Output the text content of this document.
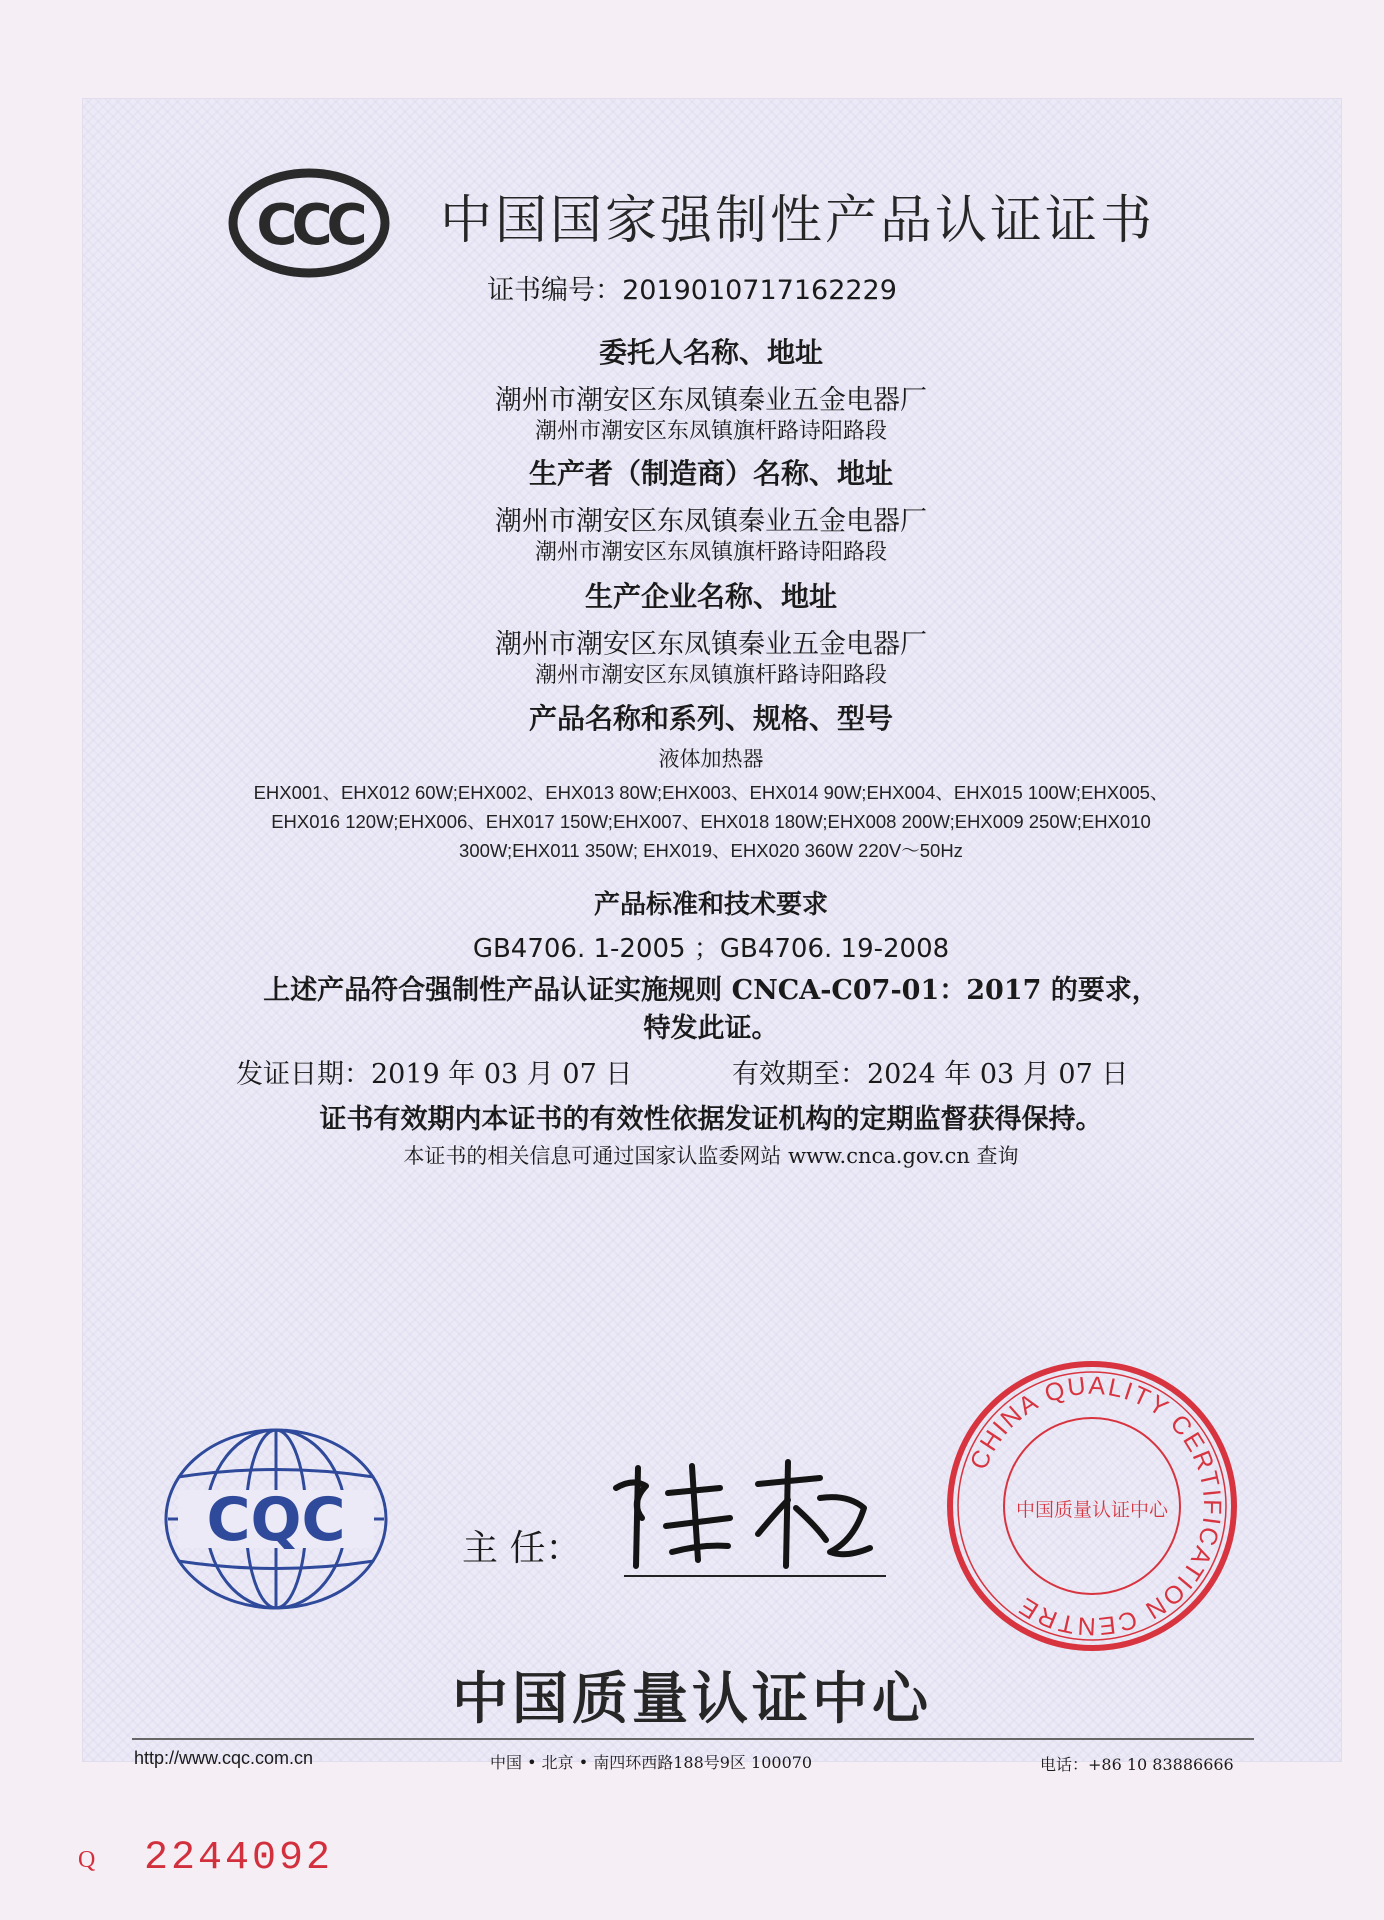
CCC 中国国家强制性产品认证证书
证书编号：2019010717162229
委托人名称、地址
潮州市潮安区东凤镇秦业五金电器厂
潮州市潮安区东凤镇旗杆路诗阳路段
生产者（制造商）名称、地址
潮州市潮安区东凤镇秦业五金电器厂
潮州市潮安区东凤镇旗杆路诗阳路段
生产企业名称、地址
潮州市潮安区东凤镇秦业五金电器厂
潮州市潮安区东凤镇旗杆路诗阳路段
产品名称和系列、规格、型号
液体加热器
EHX001、EHX012 60W;EHX002、EHX013 80W;EHX003、EHX014 90W;EHX004、EHX015 100W;EHX005、
EHX016 120W;EHX006、EHX017 150W;EHX007、EHX018 180W;EHX008 200W;EHX009 250W;EHX010
300W;EHX011 350W; EHX019、EHX020 360W 220V～50Hz
产品标准和技术要求
GB4706. 1-2005 ；GB4706. 19-2008
上述产品符合强制性产品认证实施规则 CNCA-C07-01：2017 的要求，
特发此证。
发证日期：2019 年 03 月 07 日	有效期至：2024 年 03 月 07 日
证书有效期内本证书的有效性依据发证机构的定期监督获得保持。
本证书的相关信息可通过国家认监委网站 www.cnca.gov.cn 查询
CQC	主 任：
CHINA QUALITY CERTIFICATION CENTRE
中国质量认证中心
中国质量认证中心
http://www.cqc.com.cn	中国 • 北京 • 南四环西路188号9区 100070	电话：+86 10 83886666
Q 2244092
